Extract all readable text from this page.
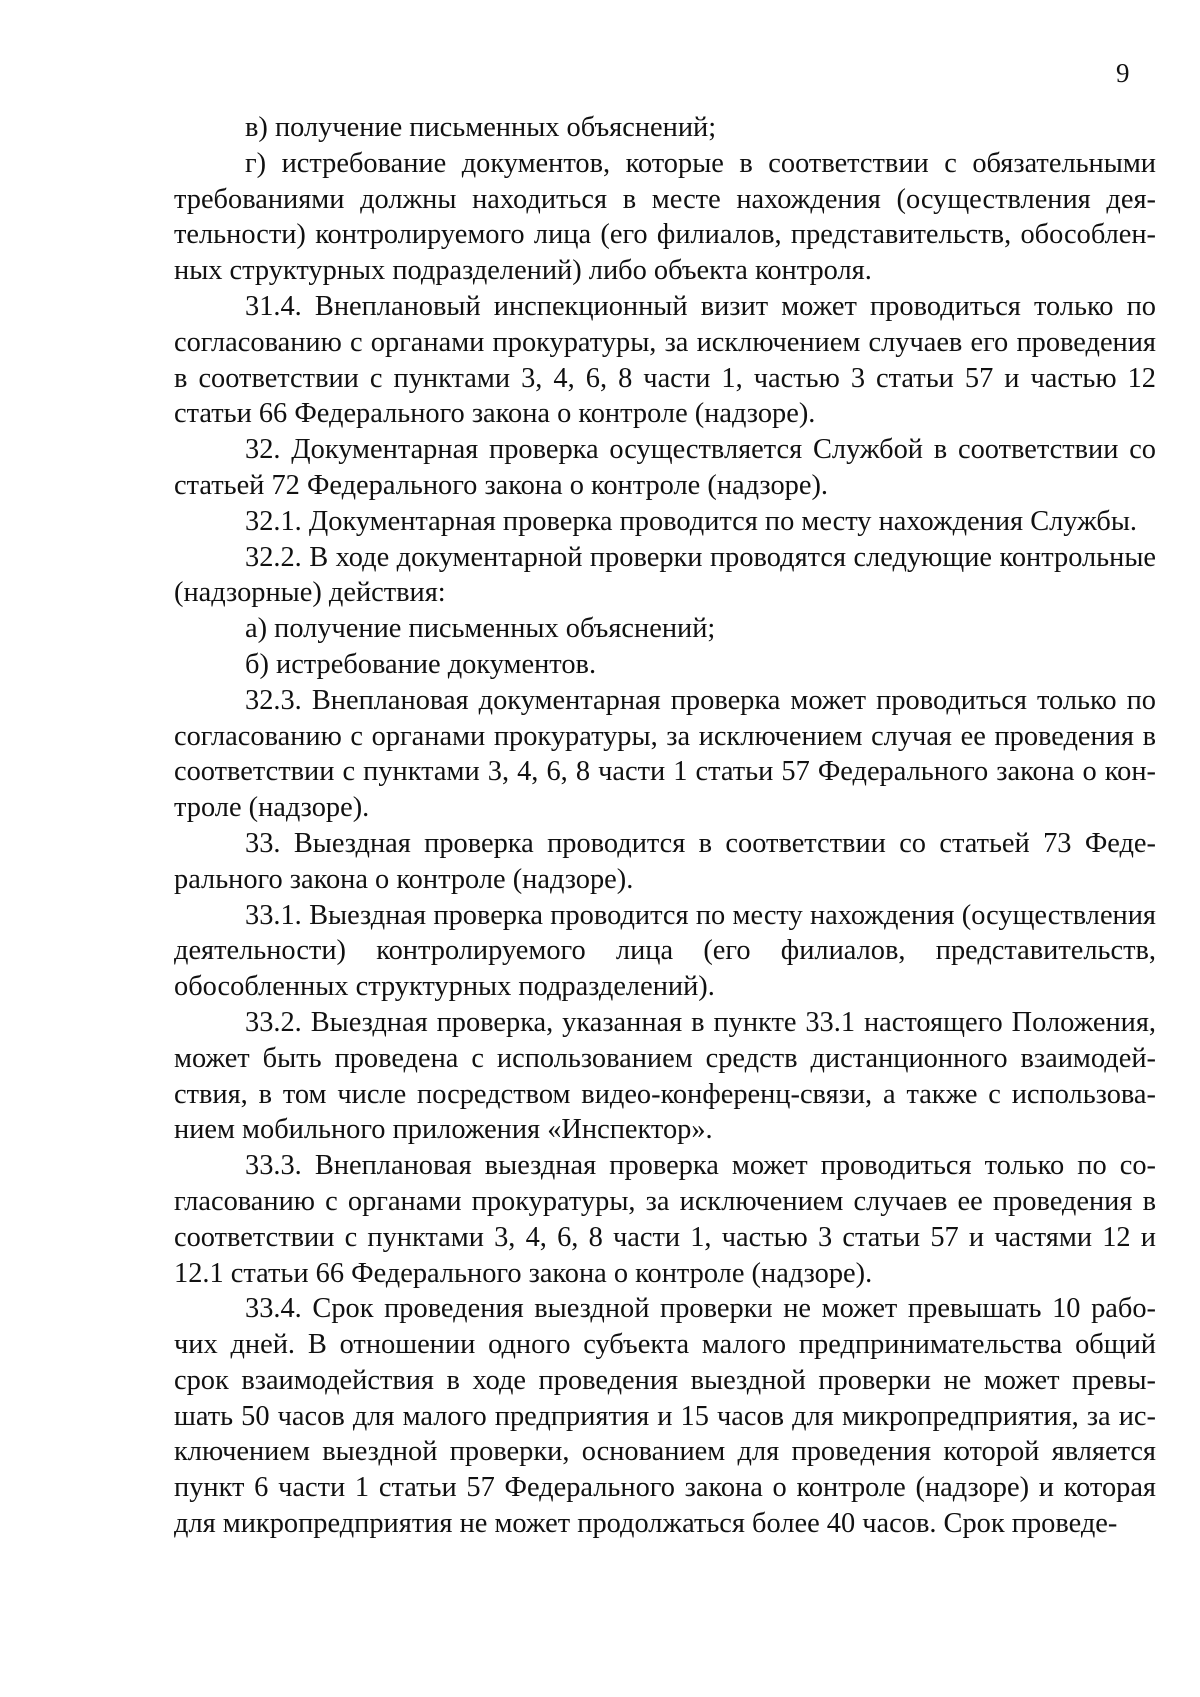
9

в) получение письменных объяснений;

г) истребование документов, которые в соответствии с обязательными требованиями должны находиться в месте нахождения (осуществления деятельности) контролируемого лица (его филиалов, представительств, обособленных структурных подразделений) либо объекта контроля.

31.4. Внеплановый инспекционный визит может проводиться только по согласованию с органами прокуратуры, за исключением случаев его проведения в соответствии с пунктами 3, 4, 6, 8 части 1, частью 3 статьи 57 и частью 12 статьи 66 Федерального закона о контроле (надзоре).

32. Документарная проверка осуществляется Службой в соответствии со статьей 72 Федерального закона о контроле (надзоре).

32.1. Документарная проверка проводится по месту нахождения Службы.

32.2. В ходе документарной проверки проводятся следующие контрольные (надзорные) действия:

а) получение письменных объяснений;

б) истребование документов.

32.3. Внеплановая документарная проверка может проводиться только по согласованию с органами прокуратуры, за исключением случая ее проведения в соответствии с пунктами 3, 4, 6, 8 части 1 статьи 57 Федерального закона о контроле (надзоре).

33. Выездная проверка проводится в соответствии со статьей 73 Федерального закона о контроле (надзоре).

33.1. Выездная проверка проводится по месту нахождения (осуществления деятельности) контролируемого лица (его филиалов, представительств, обособленных структурных подразделений).

33.2. Выездная проверка, указанная в пункте 33.1 настоящего Положения, может быть проведена с использованием средств дистанционного взаимодействия, в том числе посредством видео-конференц-связи, а также с использованием мобильного приложения «Инспектор».

33.3. Внеплановая выездная проверка может проводиться только по согласованию с органами прокуратуры, за исключением случаев ее проведения в соответствии с пунктами 3, 4, 6, 8 части 1, частью 3 статьи 57 и частями 12 и 12.1 статьи 66 Федерального закона о контроле (надзоре).

33.4. Срок проведения выездной проверки не может превышать 10 рабочих дней. В отношении одного субъекта малого предпринимательства общий срок взаимодействия в ходе проведения выездной проверки не может превышать 50 часов для малого предприятия и 15 часов для микропредприятия, за исключением выездной проверки, основанием для проведения которой является пункт 6 части 1 статьи 57 Федерального закона о контроле (надзоре) и которая для микропредприятия не может продолжаться более 40 часов. Срок проведе-
